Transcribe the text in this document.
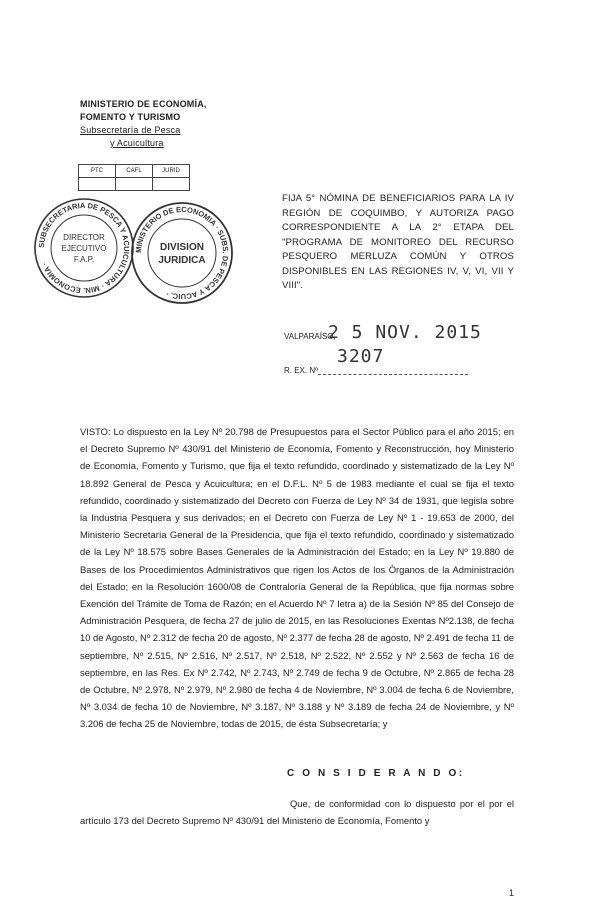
MINISTERIO DE ECONOMÍA,
FOMENTO Y TURISMO
Subsecretaría de Pesca
y Acuicultura
PTC	CAFL	JURID

SUBSECRETARIA DE PESCA Y ACUICULTURA · MIN. ECONOMIA ·
DIRECTOR
EJECUTIVO
F.A.P.
MINISTERIO DE ECONOMIA · SUBS. DE PESCA Y ACUIC. ·
DIVISION
JURIDICA
FIJA 5° NÓMINA DE BENEFICIARIOS PARA LA IV REGIÓN DE COQUIMBO, Y AUTORIZA PAGO CORRESPONDIENTE A LA 2° ETAPA DEL "PROGRAMA DE MONITOREO DEL RECURSO PESQUERO MERLUZA COMÚN Y OTROS DISPONIBLES EN LAS REGIONES IV, V, VI, VII Y VIII".
VALPARAÍSO,
2 5 NOV. 2015
3207
R. EX. Nº
VISTO: Lo dispuesto en la Ley Nº 20.798 de Presupuestos para el Sector Público para el año 2015; en el Decreto Supremo Nº 430/91 del Ministerio de Economía, Fomento y Reconstrucción, hoy Ministerio de Economía, Fomento y Turismo, que fija el texto refundido, coordinado y sistematizado de la Ley Nº 18.892 General de Pesca y Acuicultura; en el D.F.L. Nº 5 de 1983 mediante el cual se fija el texto refundido, coordinado y sistematizado del Decreto con Fuerza de Ley Nº 34 de 1931, que legisla sobre la Industria Pesquera y sus derivados; en el Decreto con Fuerza de Ley Nº 1 - 19.653 de 2000, del Ministerio Secretaría General de la Presidencia, que fija el texto refundido, coordinado y sistematizado de la Ley Nº 18.575 sobre Bases Generales de la Administración del Estado; en la Ley Nº 19.880 de Bases de los Procedimientos Administrativos que rigen los Actos de los Órganos de la Administración del Estado; en la Resolución 1600/08 de Contraloría General de la República, que fija normas sobre Exención del Trámite de Toma de Razón; en el Acuerdo Nº 7 letra a) de la Sesión Nº 85 del Consejo de Administración Pesquera, de fecha 27 de julio de 2015, en las Resoluciones Exentas Nº2.138, de fecha 10 de Agosto, Nº 2.312 de fecha 20 de agosto, Nº 2.377 de fecha 28 de agosto, Nº 2.491 de fecha 11 de septiembre, Nº 2.515, Nº 2.516, Nº 2.517, Nº 2.518, Nº 2.522, Nº 2.552 y Nº 2.563 de fecha 16 de septiembre, en las Res. Ex Nº 2.742, Nº 2.743, Nº 2.749 de fecha 9 de Octubre, Nº 2.865 de fecha 28 de Octubre, Nº 2.978, Nº 2.979, Nº 2.980 de fecha 4 de Noviembre, Nº 3.004 de fecha 6 de Noviembre, Nº 3.034 de fecha 10 de Noviembre, Nº 3.187, Nº 3.188 y Nº 3.189 de fecha 24 de Noviembre, y Nº 3.206 de fecha 25 de Noviembre, todas de 2015, de ésta Subsecretaría; y
C O N S I D E R A N D O:
Que, de conformidad con lo dispuesto por el por el artículo 173 del Decreto Supremo Nº 430/91 del Ministerio de Economía, Fomento y
1
